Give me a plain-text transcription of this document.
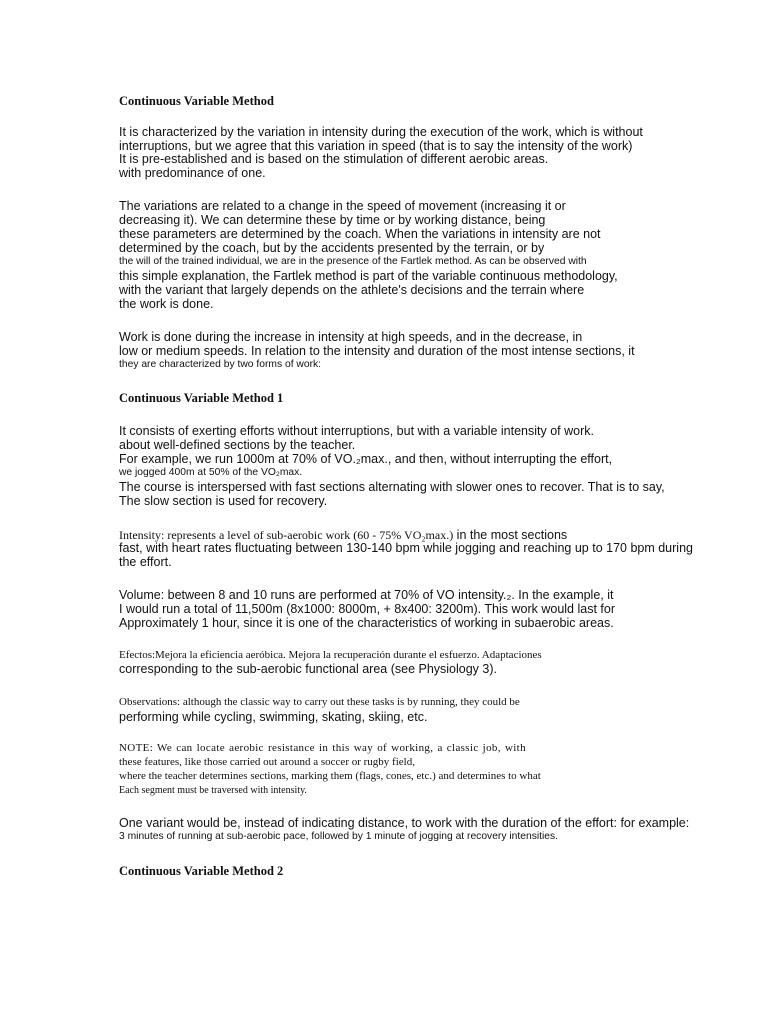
Continuous Variable Method

It is characterized by the variation in intensity during the execution of the work, which is without

interruptions, but we agree that this variation in speed (that is to say the intensity of the work)

It is pre-established and is based on the stimulation of different aerobic areas.

with predominance of one.

The variations are related to a change in the speed of movement (increasing it or

decreasing it). We can determine these by time or by working distance, being

these parameters are determined by the coach. When the variations in intensity are not

determined by the coach, but by the accidents presented by the terrain, or by

the will of the trained individual, we are in the presence of the Fartlek method. As can be observed with

this simple explanation, the Fartlek method is part of the variable continuous methodology,

with the variant that largely depends on the athlete's decisions and the terrain where

the work is done.

Work is done during the increase in intensity at high speeds, and in the decrease, in

low or medium speeds. In relation to the intensity and duration of the most intense sections, it

they are characterized by two forms of work:

Continuous Variable Method 1

It consists of exerting efforts without interruptions, but with a variable intensity of work.

about well-defined sections by the teacher.

For example, we run 1000m at 70% of VO.₂max., and then, without interrupting the effort,

we jogged 400m at 50% of the VO₂max.

The course is interspersed with fast sections alternating with slower ones to recover. That is to say,

The slow section is used for recovery.

Intensity: represents a level of sub-aerobic work (60 - 75% VO₂max.) in the most sections

fast, with heart rates fluctuating between 130-140 bpm while jogging and reaching up to 170 bpm during

the effort.

Volume: between 8 and 10 runs are performed at 70% of VO intensity.₂. In the example, it

I would run a total of 11,500m (8x1000: 8000m, + 8x400: 3200m). This work would last for

Approximately 1 hour, since it is one of the characteristics of working in subaerobic areas.

Efectos:Mejora la eficiencia aeróbica. Mejora la recuperación durante el esfuerzo. Adaptaciones

corresponding to the sub-aerobic functional area (see Physiology 3).

Observations: although the classic way to carry out these tasks is by running, they could be

performing while cycling, swimming, skating, skiing, etc.

NOTE: We can locate aerobic resistance in this way of working, a classic job, with

these features, like those carried out around a soccer or rugby field,

where the teacher determines sections, marking them (flags, cones, etc.) and determines to what

Each segment must be traversed with intensity.

One variant would be, instead of indicating distance, to work with the duration of the effort: for example:

3 minutes of running at sub-aerobic pace, followed by 1 minute of jogging at recovery intensities.

Continuous Variable Method 2
